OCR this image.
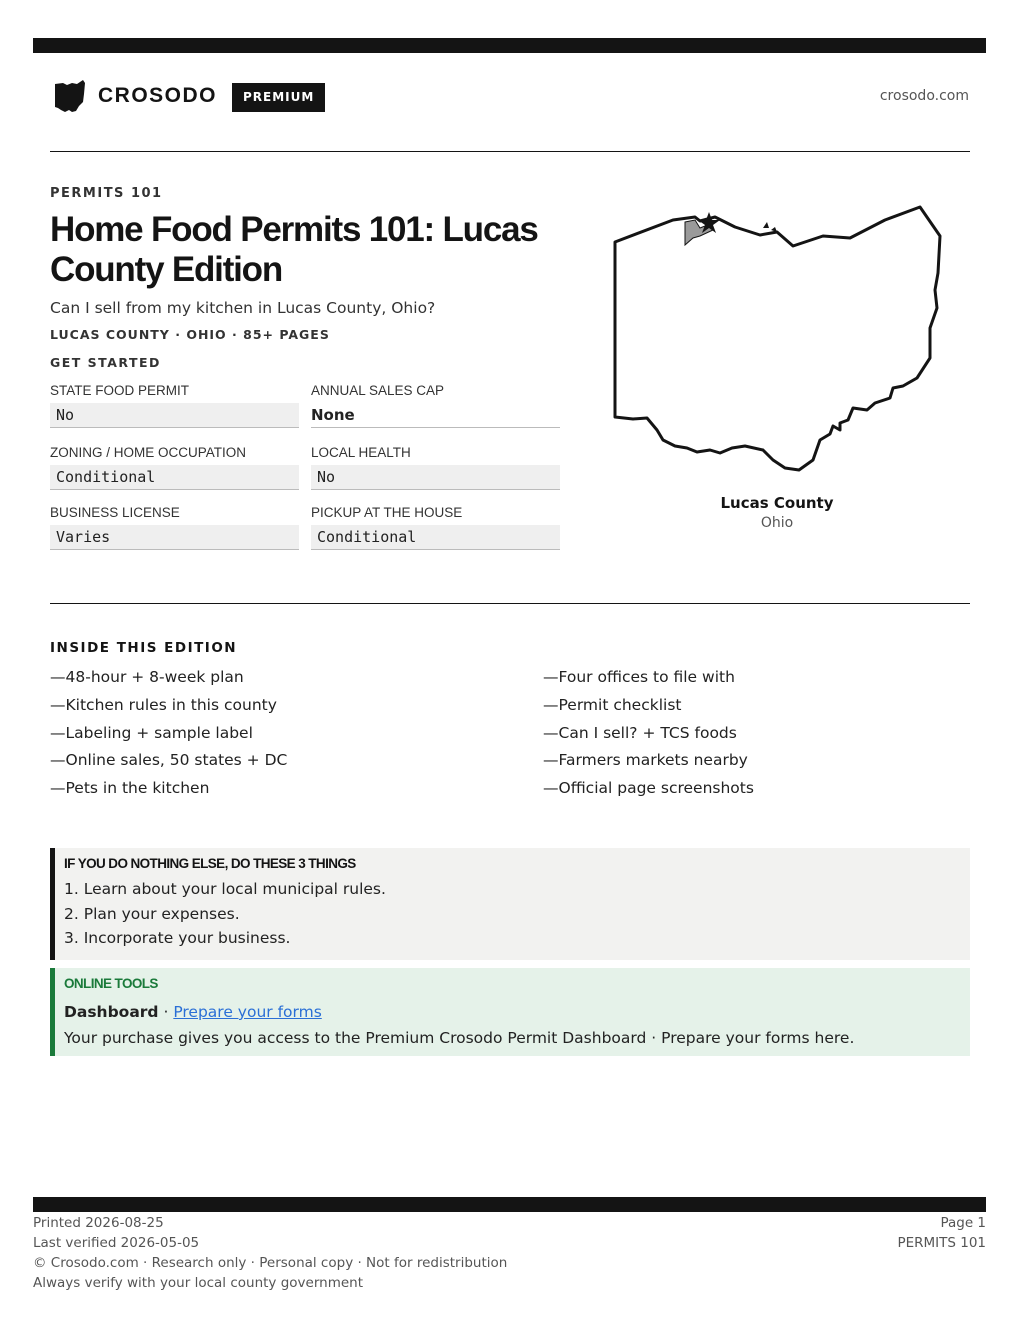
CROSODO	PREMIUM	crosodo.com
PERMITS 101
Home Food Permits 101: Lucas County Edition
Can I sell from my kitchen in Lucas County, Ohio?
LUCAS COUNTY · OHIO · 85+ PAGES
GET STARTED
STATE FOOD PERMIT
No
ANNUAL SALES CAP
None
ZONING / HOME OCCUPATION
Conditional
LOCAL HEALTH
No
BUSINESS LICENSE
Varies
PICKUP AT THE HOUSE
Conditional
Lucas County
Ohio
INSIDE THIS EDITION
—48-hour + 8-week plan
—Kitchen rules in this county
—Labeling + sample label
—Online sales, 50 states + DC
—Pets in the kitchen
—Four offices to file with
—Permit checklist
—Can I sell? + TCS foods
—Farmers markets nearby
—Official page screenshots
IF YOU DO NOTHING ELSE, DO THESE 3 THINGS
1. Learn about your local municipal rules.
2. Plan your expenses.
3. Incorporate your business.
ONLINE TOOLS
Dashboard · Prepare your forms
Your purchase gives you access to the Premium Crosodo Permit Dashboard · Prepare your forms here.
Printed 2026-08-25
Last verified 2026-05-05
© Crosodo.com · Research only · Personal copy · Not for redistribution
Always verify with your local county government
Page 1
PERMITS 101
